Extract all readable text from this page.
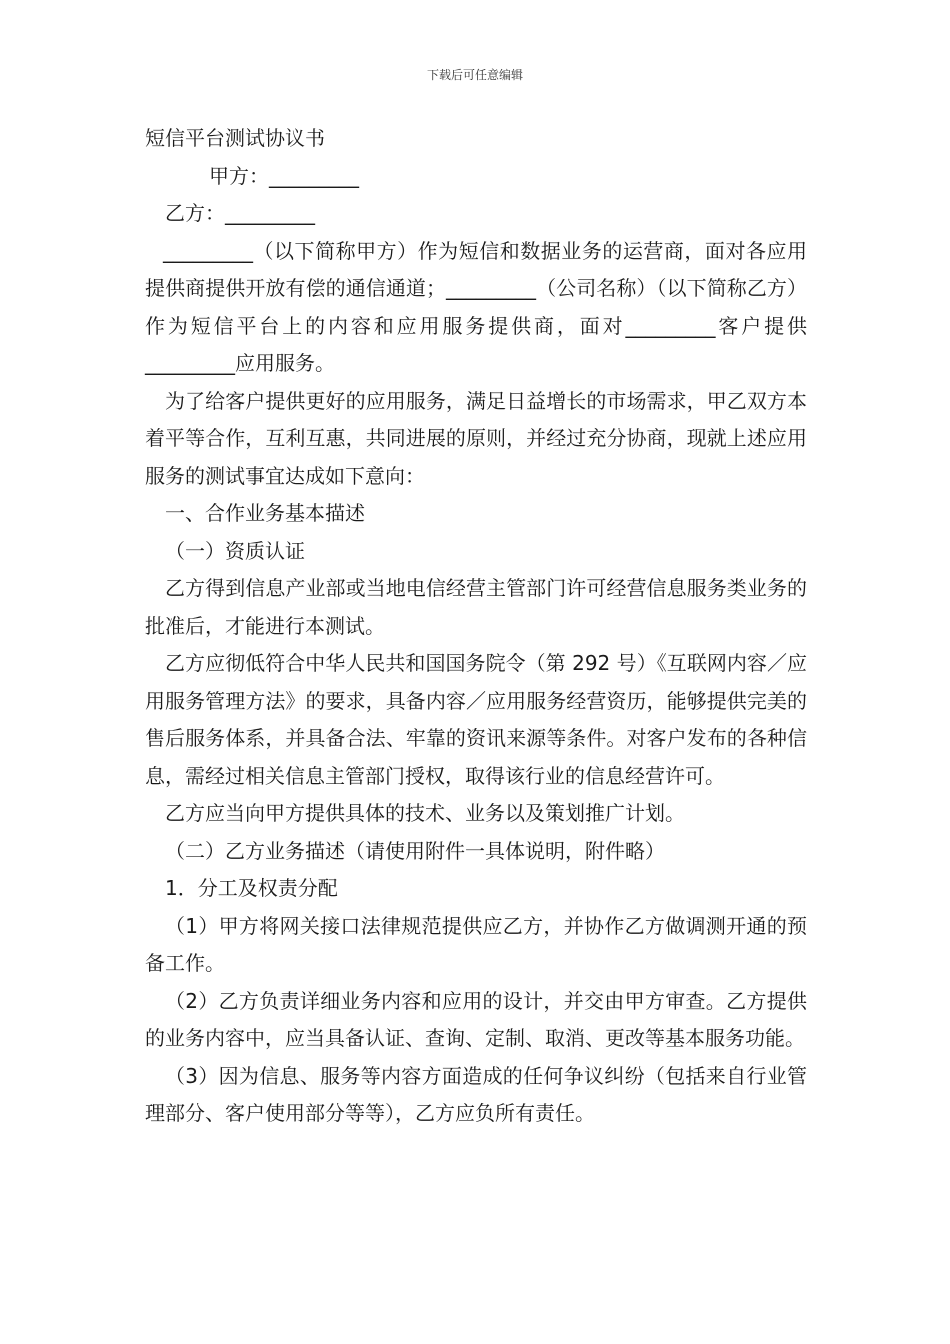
下载后可任意编辑

短信平台测试协议书

甲方：_________

乙方：_________

_________（以下简称甲方）作为短信和数据业务的运营商，面对各应用提供商提供开放有偿的通信通道；_________（公司名称）（以下简称乙方）作为短信平台上的内容和应用服务提供商，面对_________客户提供_________应用服务。

为了给客户提供更好的应用服务，满足日益增长的市场需求，甲乙双方本着平等合作，互利互惠，共同进展的原则，并经过充分协商，现就上述应用服务的测试事宜达成如下意向：

一、合作业务基本描述

（一）资质认证

乙方得到信息产业部或当地电信经营主管部门许可经营信息服务类业务的批准后，才能进行本测试。

乙方应彻低符合中华人民共和国国务院令（第 292 号）《互联网内容／应用服务管理方法》的要求，具备内容／应用服务经营资历，能够提供完美的售后服务体系，并具备合法、牢靠的资讯来源等条件。对客户发布的各种信息，需经过相关信息主管部门授权，取得该行业的信息经营许可。

乙方应当向甲方提供具体的技术、业务以及策划推广计划。

（二）乙方业务描述（请使用附件一具体说明，附件略）

1．分工及权责分配

（1）甲方将网关接口法律规范提供应乙方，并协作乙方做调测开通的预备工作。

（2）乙方负责详细业务内容和应用的设计，并交由甲方审查。乙方提供的业务内容中，应当具备认证、查询、定制、取消、更改等基本服务功能。

（3）因为信息、服务等内容方面造成的任何争议纠纷（包括来自行业管理部分、客户使用部分等等），乙方应负所有责任。
